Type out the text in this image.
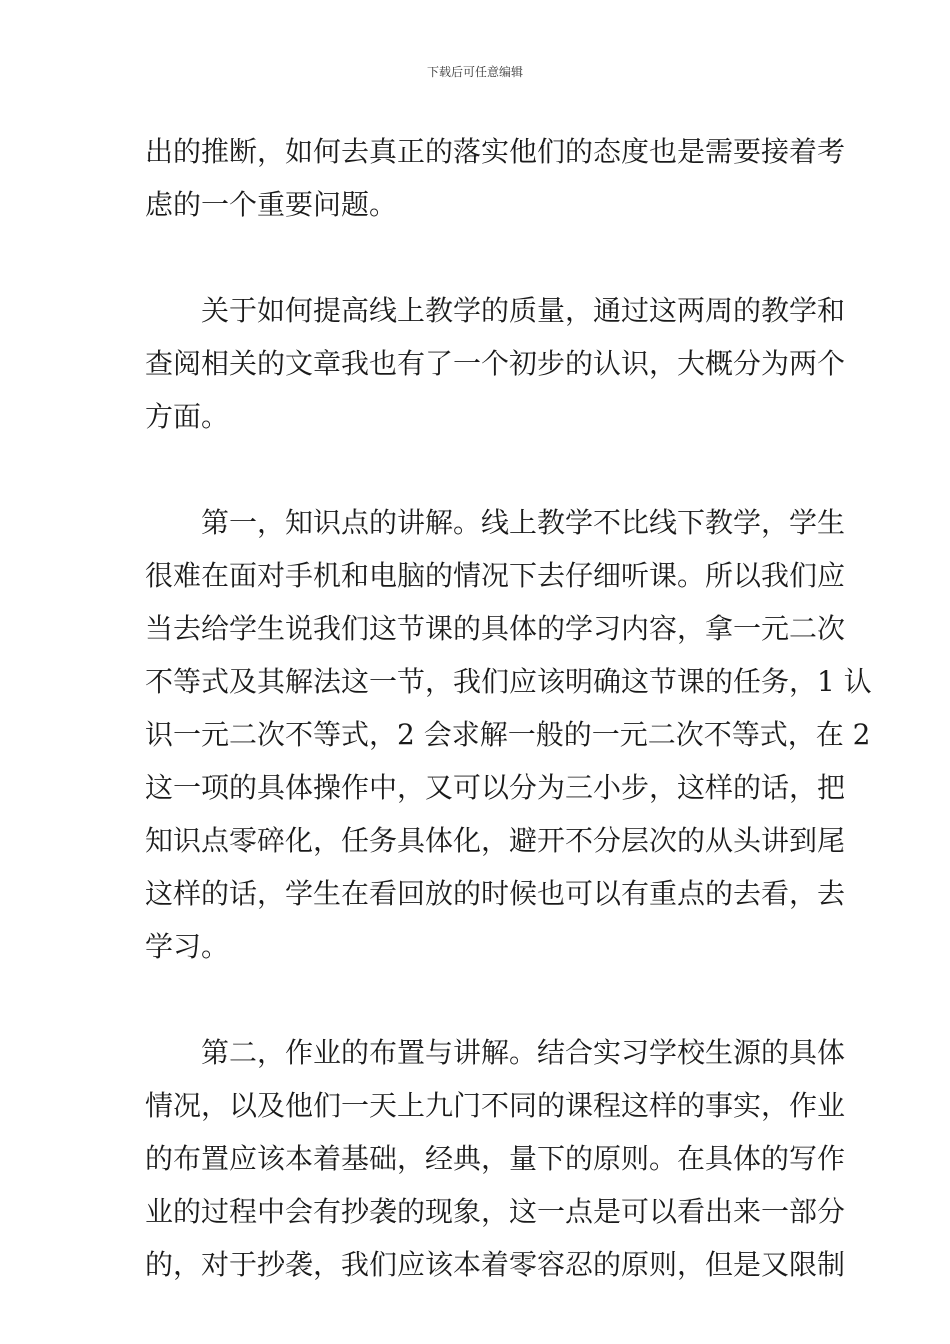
下载后可任意编辑
出的推断，如何去真正的落实他们的态度也是需要接着考
虑的一个重要问题。
关于如何提高线上教学的质量，通过这两周的教学和
查阅相关的文章我也有了一个初步的认识，大概分为两个
方面。
第一，知识点的讲解。线上教学不比线下教学，学生
很难在面对手机和电脑的情况下去仔细听课。所以我们应
当去给学生说我们这节课的具体的学习内容，拿一元二次
不等式及其解法这一节，我们应该明确这节课的任务，1 认
识一元二次不等式，2 会求解一般的一元二次不等式，在 2
这一项的具体操作中，又可以分为三小步，这样的话，把
知识点零碎化，任务具体化，避开不分层次的从头讲到尾
这样的话，学生在看回放的时候也可以有重点的去看，去
学习。
第二，作业的布置与讲解。结合实习学校生源的具体
情况，以及他们一天上九门不同的课程这样的事实，作业
的布置应该本着基础，经典，量下的原则。在具体的写作
业的过程中会有抄袭的现象，这一点是可以看出来一部分
的，对于抄袭，我们应该本着零容忍的原则，但是又限制
